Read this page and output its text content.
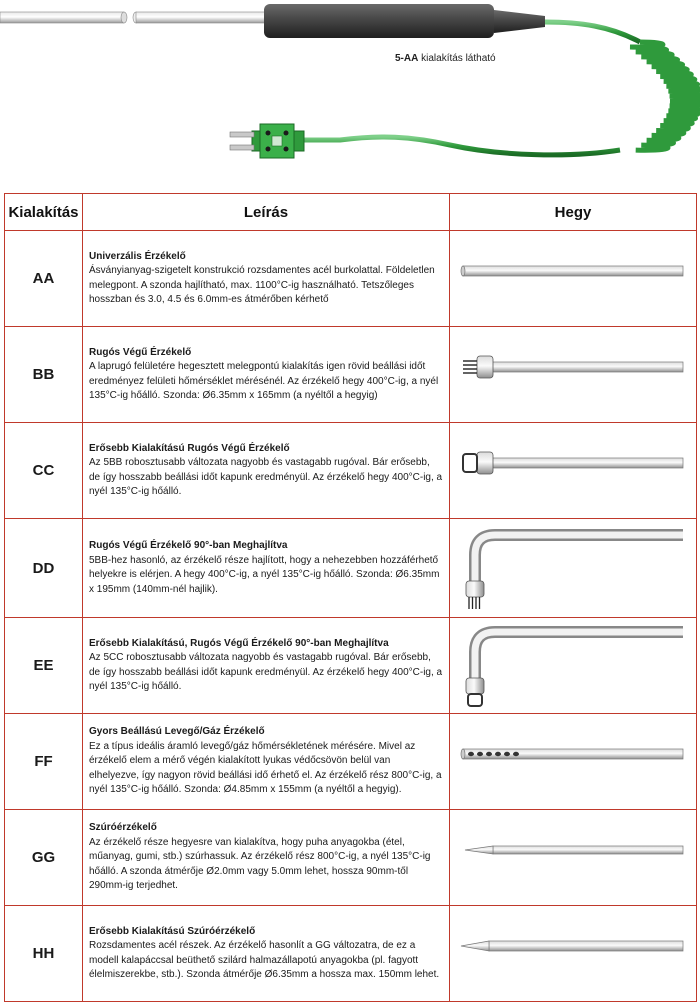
5-AA kialakítás látható
Kialakítás	Leírás	Hegy
AA	Univerzális Érzékelő
Ásványianyag-szigetelt konstrukció rozsdamentes acél burkolattal. Földeletlen melegpont. A szonda hajlítható, max. 1100°C-ig használható. Tetszőleges hosszban és 3.0, 4.5 és 6.0mm-es átmérőben kérhető	
BB	Rugós Végű Érzékelő
A laprugó felületére hegesztett melegpontú kialakítás igen rövid beállási időt eredményez felületi hőmérséklet mérésénél. Az érzékelő hegy 400°C-ig, a nyél 135°C-ig hőálló. Szonda: Ø6.35mm x 165mm (a nyéltől a hegyig)	
CC	Erősebb Kialakítású Rugós Végű Érzékelő
Az 5BB robosztusabb változata nagyobb és vastagabb rugóval. Bár erősebb, de így hosszabb beállási időt kapunk eredményül. Az érzékelő hegy 400°C-ig, a nyél 135°C-ig hőálló.	
DD	Rugós Végű Érzékelő 90°-ban Meghajlítva
5BB-hez hasonló, az érzékelő része hajlított, hogy a nehezebben hozzáférhető helyekre is elérjen. A hegy 400°C-ig, a nyél 135°C-ig hőálló. Szonda: Ø6.35mm x 195mm (140mm-nél hajlik).	
EE	Erősebb Kialakítású, Rugós Végű Érzékelő 90°-ban Meghajlítva
Az 5CC robosztusabb változata nagyobb és vastagabb rugóval. Bár erősebb, de így hosszabb beállási időt kapunk eredményül. Az érzékelő hegy 400°C-ig, a nyél 135°C-ig hőálló.	
FF	Gyors Beállású Levegő/Gáz Érzékelő
Ez a típus ideális áramló levegő/gáz hőmérsékletének mérésére. Mivel az érzékelő elem a mérő végén kialakított lyukas védőcsövön belül van elhelyezve, így nagyon rövid beállási idő érhető el. Az érzékelő rész 800°C-ig, a nyél 135°C-ig hőálló. Szonda: Ø4.85mm x 155mm (a nyéltől a hegyig).	
GG	Szúróérzékelő
Az érzékelő része hegyesre van kialakítva, hogy puha anyagokba (étel, műanyag, gumi, stb.) szúrhassuk. Az érzékelő rész 800°C-ig, a nyél 135°C-ig hőálló. A szonda átmérője Ø2.0mm vagy 5.0mm lehet, hossza 90mm-től 290mm-ig terjedhet.	
HH	Erősebb Kialakítású Szúróérzékelő
Rozsdamentes acél részek. Az érzékelő hasonlít a GG változatra, de ez a modell kalapáccsal beüthető szilárd halmazállapotú anyagokba (pl. fagyott élelmiszerekbe, stb.). Szonda átmérője Ø6.35mm a hossza max. 150mm lehet.	
